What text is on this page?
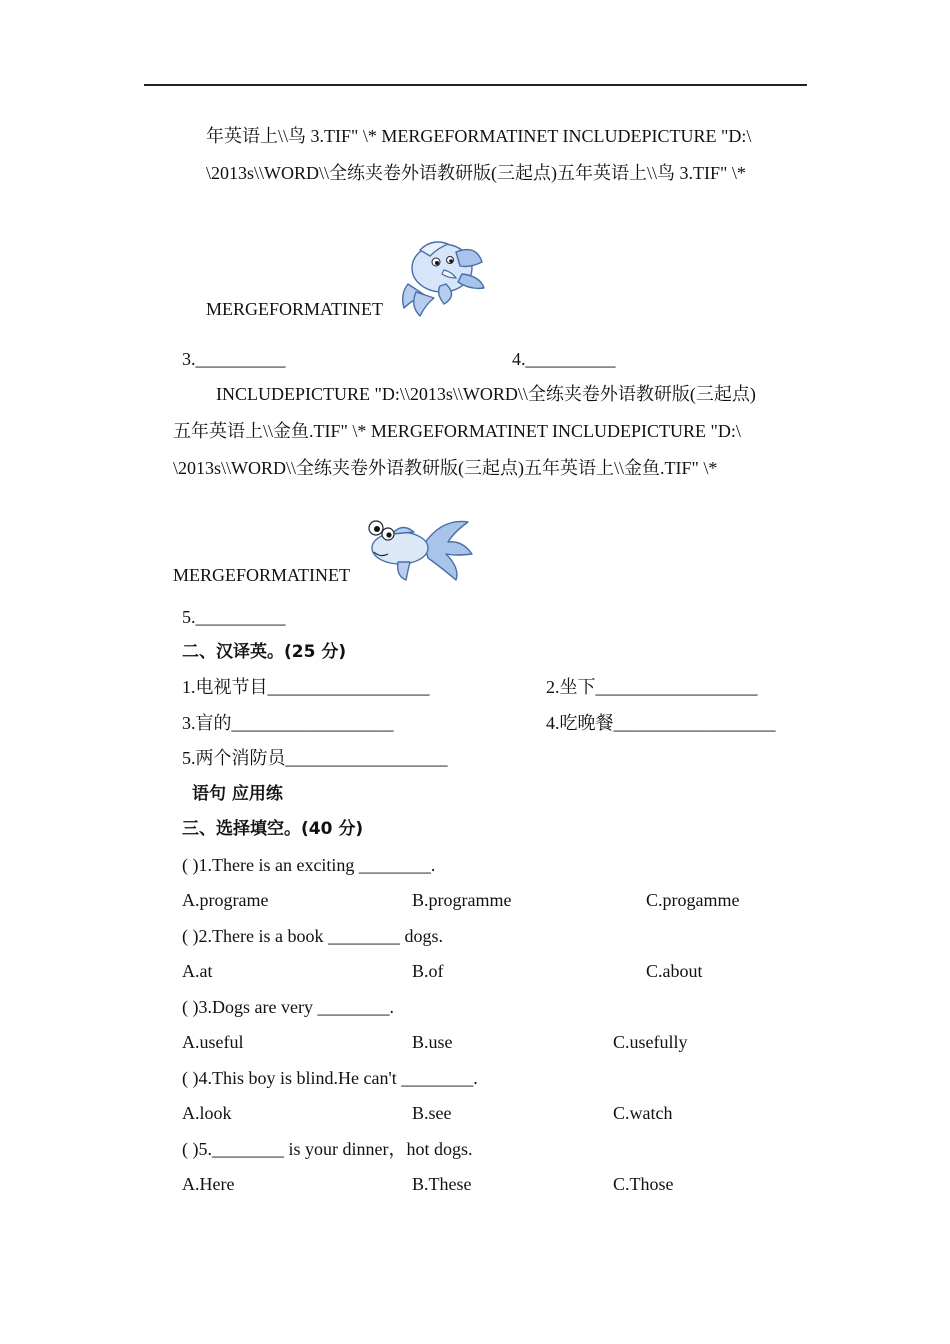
年英语上\\鸟 3.TIF" \* MERGEFORMATINET INCLUDEPICTURE "D:\
\2013s\\WORD\\全练夹卷外语教研版(三起点)五年英语上\\鸟 3.TIF" \*
MERGEFORMATINET
3.__________	4.__________
INCLUDEPICTURE "D:\\2013s\\WORD\\全练夹卷外语教研版(三起点)
五年英语上\\金鱼.TIF" \* MERGEFORMATINET INCLUDEPICTURE "D:\
\2013s\\WORD\\全练夹卷外语教研版(三起点)五年英语上\\金鱼.TIF" \*
MERGEFORMATINET
5.__________
二、汉译英。(25 分)
1.电视节目__________________	2.坐下__________________
3.盲的__________________	4.吃晚餐__________________
5.两个消防员__________________
语句 应用练
三、选择填空。(40 分)
( )1.There is an exciting ________.
A.programe	B.programme	C.progamme
( )2.There is a book ________ dogs.
A.at	B.of	C.about
( )3.Dogs are very ________.
A.useful	B.use	C.usefully
( )4.This boy is blind.He can't ________.
A.look	B.see	C.watch
( )5.________ is your dinner，hot dogs.
A.Here	B.These	C.Those
